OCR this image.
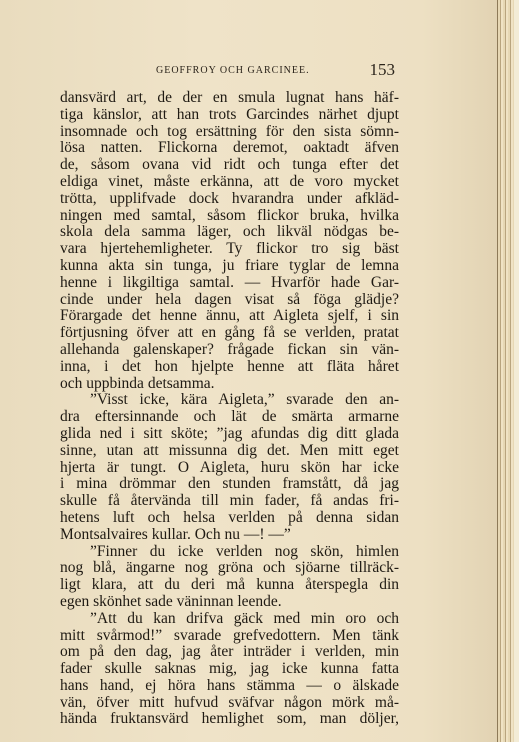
GEOFFROY OCH GARCINEE.	153
dansvärd art, de der en smula lugnat hans häf-
tiga känslor, att han trots Garcindes närhet djupt
insomnade och tog ersättning för den sista sömn-
lösa natten. Flickorna deremot, oaktadt äfven
de, såsom ovana vid ridt och tunga efter det
eldiga vinet, måste erkänna, att de voro mycket
trötta, upplifvade dock hvarandra under afkläd-
ningen med samtal, såsom flickor bruka, hvilka
skola dela samma läger, och likväl nödgas be-
vara hjertehemligheter. Ty flickor tro sig bäst
kunna akta sin tunga, ju friare tyglar de lemna
henne i likgiltiga samtal. — Hvarför hade Gar-
cinde under hela dagen visat så föga glädje?
Förargade det henne ännu, att Aigleta sjelf, i sin
förtjusning öfver att en gång få se verlden, pratat
allehanda galenskaper? frågade fickan sin vän-
inna, i det hon hjelpte henne att fläta håret
och uppbinda detsamma.
”Visst icke, kära Aigleta,” svarade den an-
dra eftersinnande och lät de smärta armarne
glida ned i sitt sköte; ”jag afundas dig ditt glada
sinne, utan att missunna dig det. Men mitt eget
hjerta är tungt. O Aigleta, huru skön har icke
i mina drömmar den stunden framstått, då jag
skulle få återvända till min fader, få andas fri-
hetens luft och helsa verlden på denna sidan
Montsalvaires kullar. Och nu —! —”
”Finner du icke verlden nog skön, himlen
nog blå, ängarne nog gröna och sjöarne tillräck-
ligt klara, att du deri må kunna återspegla din
egen skönhet sade väninnan leende.
”Att du kan drifva gäck med min oro och
mitt svårmod!” svarade grefvedottern. Men tänk
om på den dag, jag åter inträder i verlden, min
fader skulle saknas mig, jag icke kunna fatta
hans hand, ej höra hans stämma — o älskade
vän, öfver mitt hufvud sväfvar någon mörk må-
hända fruktansvärd hemlighet som, man döljer,
